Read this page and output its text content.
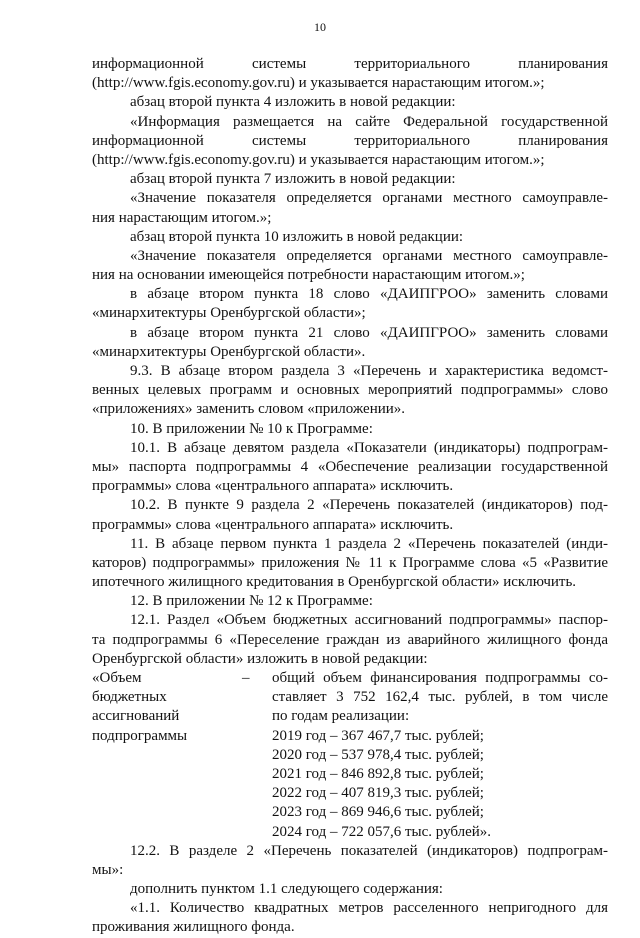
10
информационной системы территориального планирования
(http://www.fgis.economy.gov.ru) и указывается нарастающим итогом.»;
абзац второй пункта 4 изложить в новой редакции:
«Информация размещается на сайте Федеральной государственной
информационной системы территориального планирования
(http://www.fgis.economy.gov.ru) и указывается нарастающим итогом.»;
абзац второй пункта 7 изложить в новой редакции:
«Значение показателя определяется органами местного самоуправле-
ния нарастающим итогом.»;
абзац второй пункта 10 изложить в новой редакции:
«Значение показателя определяется органами местного самоуправле-
ния на основании имеющейся потребности нарастающим итогом.»;
в абзаце втором пункта 18 слово «ДАИПГРОО» заменить словами
«минархитектуры Оренбургской области»;
в абзаце втором пункта 21 слово «ДАИПГРОО» заменить словами
«минархитектуры Оренбургской области».
9.3. В абзаце втором раздела 3 «Перечень и характеристика ведомст-
венных целевых программ и основных мероприятий подпрограммы» слово
«приложениях» заменить словом «приложении».
10. В приложении № 10 к Программе:
10.1. В абзаце девятом раздела «Показатели (индикаторы) подпрограм-
мы» паспорта подпрограммы 4 «Обеспечение реализации государственной
программы» слова «центрального аппарата» исключить.
10.2. В пункте 9 раздела 2 «Перечень показателей (индикаторов) под-
программы» слова «центрального аппарата» исключить.
11. В абзаце первом пункта 1 раздела 2 «Перечень показателей (инди-
каторов) подпрограммы» приложения № 11 к Программе слова «5 «Развитие
ипотечного жилищного кредитования в Оренбургской области» исключить.
12. В приложении № 12 к Программе:
12.1. Раздел «Объем бюджетных ассигнований подпрограммы» паспор-
та подпрограммы 6 «Переселение граждан из аварийного жилищного фонда
Оренбургской области» изложить в новой редакции:
«Объем	–	общий объем финансирования подпрограммы со-
бюджетных	ставляет 3 752 162,4 тыс. рублей, в том числе
ассигнований	по годам реализации:
подпрограммы	2019 год – 367 467,7 тыс. рублей;
2020 год – 537 978,4 тыс. рублей;
2021 год – 846 892,8 тыс. рублей;
2022 год – 407 819,3 тыс. рублей;
2023 год – 869 946,6 тыс. рублей;
2024 год – 722 057,6 тыс. рублей».
12.2. В разделе 2 «Перечень показателей (индикаторов) подпрограм-
мы»:
дополнить пунктом 1.1 следующего содержания:
«1.1. Количество квадратных метров расселенного непригодного для
проживания жилищного фонда.
